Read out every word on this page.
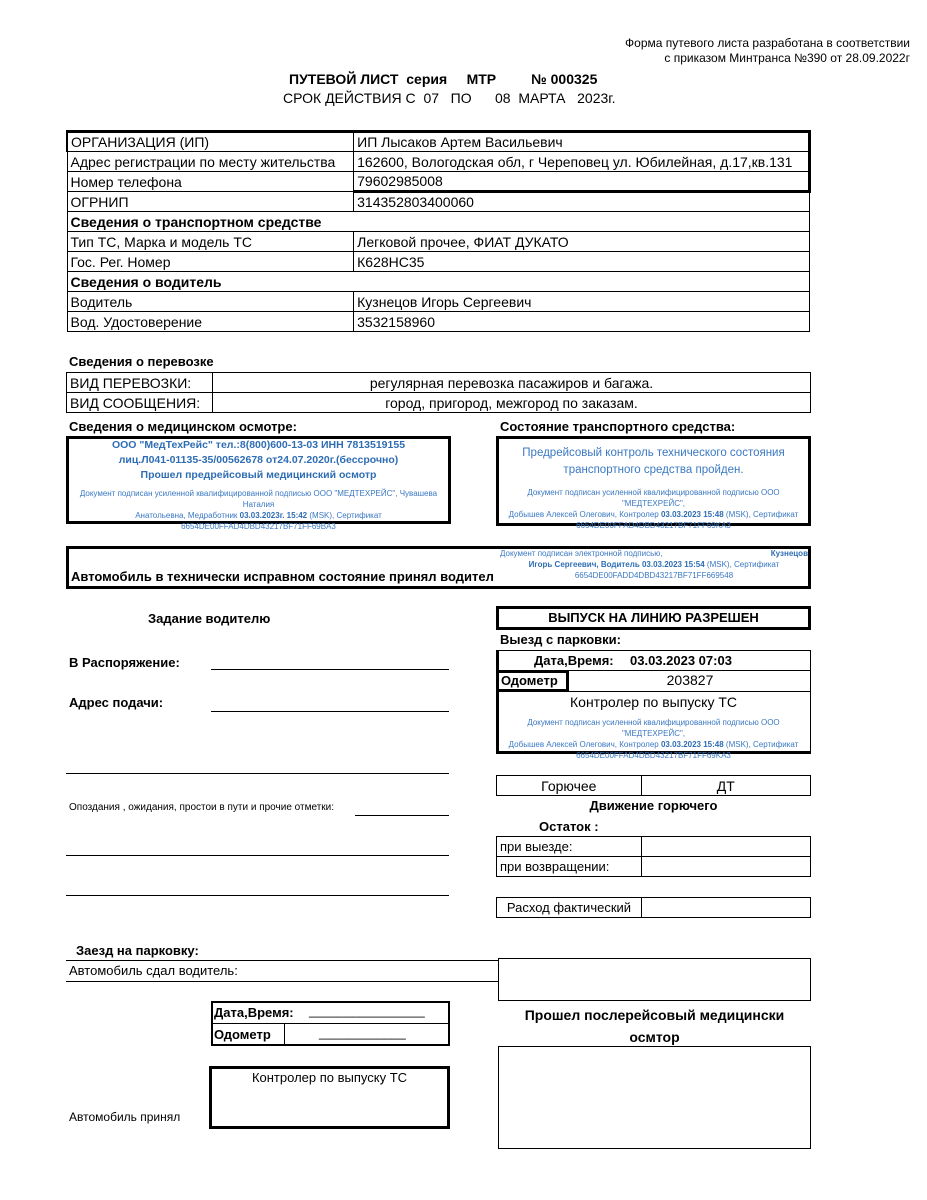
Форма путевого листа разработана в соответствии
с приказом Минтранса №390 от 28.09.2022г
ПУТЕВОЙ ЛИСТ  серия     МТР         № 000325
СРОК ДЕЙСТВИЯ С  07   ПО      08  МАРТА   2023г.
ОРГАНИЗАЦИЯ (ИП)	ИП Лысаков Артем Васильевич
Адрес регистрации по месту жительства	162600, Вологодская обл, г Череповец ул. Юбилейная, д.17,кв.131
Номер телефона	79602985008
ОГРНИП	314352803400060
Сведения о транспортном средстве	
Тип ТС, Марка и модель ТС	Легковой прочее, ФИАТ ДУКАТО
Гос. Рег. Номер	К628НС35
Сведения о водитель	
Водитель	Кузнецов Игорь Сергеевич
Вод. Удостоверение	3532158960
Сведения о перевозке
ВИД ПЕРЕВОЗКИ:	регулярная перевозка пасажиров и багажа.
ВИД СООБЩЕНИЯ:	город, пригород, межгород по заказам.
Сведения о медицинском осмотре:
ООО "МедТехРейс" тел.:8(800)600-13-03 ИНН 7813519155
лиц.Л041-01135-35/00562678 от24.07.2020г.(бессрочно)
Прошел предрейсовый медицинский осмотр
Документ подписан усиленной квалифицированной подписью ООО "МЕДТЕХРЕЙС", Чувашева Наталия
Анатольевна, Медработник 03.03.2023г. 15:42 (MSK), Сертификат 6654DE00FFAD4DBD43217BF71FF69BA3
Состояние транспортного средства:
Предрейсовый контроль технического состояния
транспортного средства пройден.
Документ подписан усиленной квалифицированной подписью ООО "МЕДТЕХРЕЙС",
Добышев Алексей Олегович, Контролер 03.03.2023 15:48 (MSK), Сертификат
6654DE00FFAD4DBD43217BF71FF69KA3
Автомобиль в технически исправном состояние принял водител
Документ подписан электронной подписью,	Кузнецов
Игорь Сергеевич, Водитель 03.03.2023 15:54 (MSK), Сертификат
6654DE00FADD4DBD43217BF71FF669548
Задание водителю
В Распоряжение:
Адрес подачи:
Опоздания , ожидания, простои в пути и прочие отметки:
ВЫПУСК НА ЛИНИЮ РАЗРЕШЕН
Выезд с парковки:
Дата,Время: 03.03.2023 07:03
Одометр	203827
Контролер по выпуску ТС
Документ подписан усиленной квалифицированной подписью ООО "МЕДТЕХРЕЙС",
Добышев Алексей Олегович, Контролер 03.03.2023 15:48 (MSK), Сертификат
6654DE00FFAD4DBD43217BF71FF69KA3
Горючее	ДТ
Движение горючего
Остаток :
при выезде:	
при возвращении:	
Расход фактический	
Заезд на парковку:
Автомобиль сдал водитель:
Дата,Время: ________________
Одометр	____________
Контролер по выпуску ТС
Автомобиль принял
Прошел послерейсовый медицински
осмтор
